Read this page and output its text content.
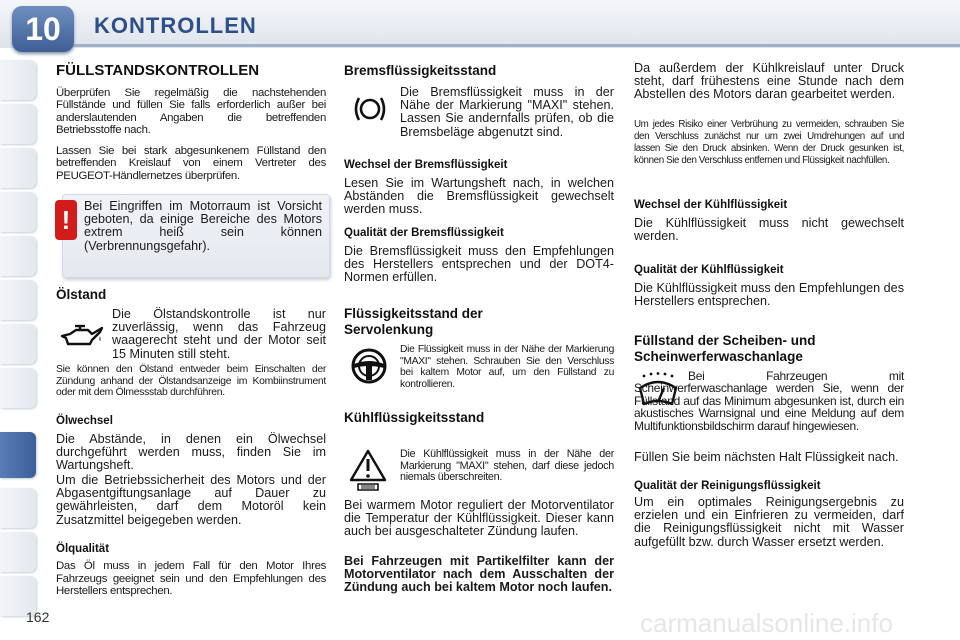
10	KONTROLLEN
162
FÜLLSTANDSKONTROLLEN
Überprüfen Sie regelmäßig die nachstehenden Füllstände und füllen Sie falls erforderlich außer bei anderslautenden Angaben die betreffenden Betriebsstoffe nach.
Lassen Sie bei stark abgesunkenem Füllstand den betreffenden Kreislauf von einem Vertreter des PEUGEOT-Händlernetzes überprüfen.
!	Bei Eingriffen im Motorraum ist Vorsicht geboten, da einige Bereiche des Motors extrem heiß sein können (Verbrennungsgefahr).
Ölstand
Die Ölstandskontrolle ist nur zuverlässig, wenn das Fahrzeug waagerecht steht und der Motor seit 15 Minuten still steht.
Sie können den Ölstand entweder beim Einschalten der Zündung anhand der Ölstandsanzeige im Kombiinstrument oder mit dem Ölmessstab durchführen.
Ölwechsel
Die Abstände, in denen ein Ölwechsel durchgeführt werden muss, finden Sie im Wartungsheft.
Um die Betriebssicherheit des Motors und der Abgasentgiftungsanlage auf Dauer zu gewährleisten, darf dem Motoröl kein Zusatzmittel beigegeben werden.
Ölqualität
Das Öl muss in jedem Fall für den Motor Ihres Fahrzeugs geeignet sein und den Empfehlungen des Herstellers entsprechen.
Bremsflüssigkeitsstand
Die Bremsflüssigkeit muss in der Nähe der Markierung "MAXI" stehen. Lassen Sie andernfalls prüfen, ob die Bremsbeläge abgenutzt sind.
Wechsel der Bremsflüssigkeit
Lesen Sie im Wartungsheft nach, in welchen Abständen die Bremsflüssigkeit gewechselt werden muss.
Qualität der Bremsflüssigkeit
Die Bremsflüssigkeit muss den Empfehlungen des Herstellers entsprechen und der DOT4-Normen erfüllen.
Flüssigkeitsstand der Servolenkung
Die Flüssigkeit muss in der Nähe der Markierung "MAXI" stehen. Schrauben Sie den Verschluss bei kaltem Motor auf, um den Füllstand zu kontrollieren.
Kühlflüssigkeitsstand
Die Kühlflüssigkeit muss in der Nähe der Markierung "MAXI" stehen, darf diese jedoch niemals überschreiten.
Bei warmem Motor reguliert der Motorventilator die Temperatur der Kühlflüssigkeit. Dieser kann auch bei ausgeschalteter Zündung laufen.
Bei Fahrzeugen mit Partikelfilter kann der Motorventilator nach dem Ausschalten der Zündung auch bei kaltem Motor noch laufen.
Da außerdem der Kühlkreislauf unter Druck steht, darf frühestens eine Stunde nach dem Abstellen des Motors daran gearbeitet werden.
Um jedes Risiko einer Verbrühung zu vermeiden, schrauben Sie den Verschluss zunächst nur um zwei Umdrehungen auf und lassen Sie den Druck absinken. Wenn der Druck gesunken ist, können Sie den Verschluss entfernen und Flüssigkeit nachfüllen.
Wechsel der Kühlflüssigkeit
Die Kühlflüssigkeit muss nicht gewechselt werden.
Qualität der Kühlflüssigkeit
Die Kühlflüssigkeit muss den Empfehlungen des Herstellers entsprechen.
Füllstand der Scheiben- und Scheinwerferwaschanlage
Bei Fahrzeugen mit Scheinwerferwaschanlage werden Sie, wenn der Füllstand auf das Minimum abgesunken ist, durch ein akustisches Warnsignal und eine Meldung auf dem Multifunktionsbildschirm darauf hingewiesen.
Füllen Sie beim nächsten Halt Flüssigkeit nach.
Qualität der Reinigungsflüssigkeit
Um ein optimales Reinigungsergebnis zu erzielen und ein Einfrieren zu vermeiden, darf die Reinigungsflüssigkeit nicht mit Wasser aufgefüllt bzw. durch Wasser ersetzt werden.
carmanualsonline.info
